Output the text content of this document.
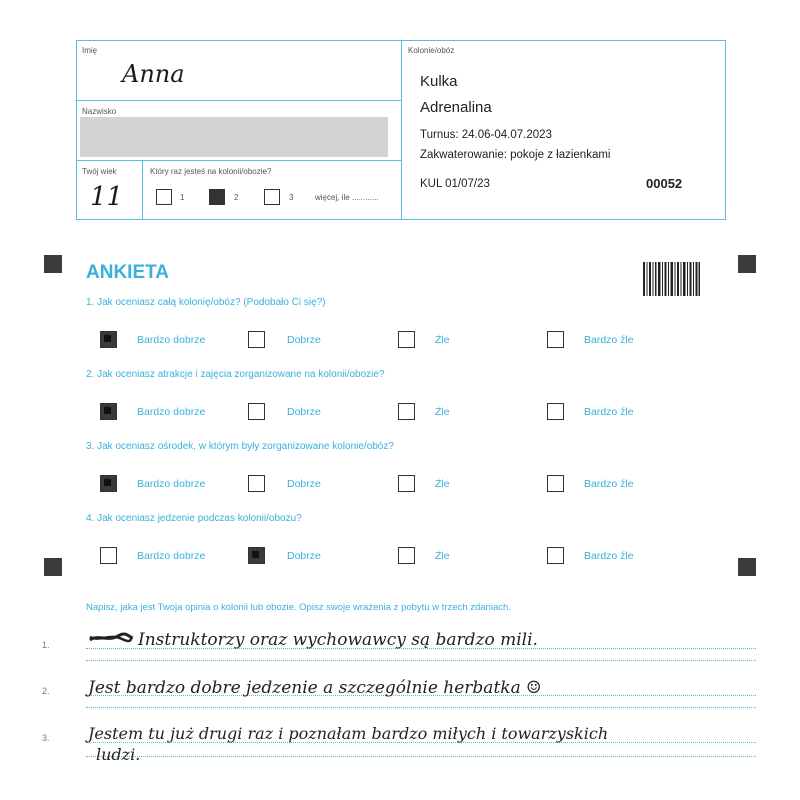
Imię
Anna
Nazwisko
Twój wiek
11
Który raz jesteś na kolonii/obozie?
1	2	3	więcej, ile ............
Kolonie/obóz
Kulka
Adrenalina
Turnus: 24.06-04.07.2023
Zakwaterowanie: pokoje z łazienkami
KUL 01/07/23	00052
ANKIETA
1. Jak oceniasz całą kolonię/obóz? (Podobało Ci się?)
Bardzo dobrze	Dobrze	Źle	Bardzo źle
2. Jak oceniasz atrakcje i zajęcia zorganizowane na kolonii/obozie?
Bardzo dobrze	Dobrze	Źle	Bardzo źle
3. Jak oceniasz ośrodek, w którym były zorganizowane kolonie/obóz?
Bardzo dobrze	Dobrze	Źle	Bardzo źle
4. Jak oceniasz jedzenie podczas kolonii/obozu?
Bardzo dobrze	Dobrze	Źle	Bardzo źle
Napisz, jaka jest Twoja opinia o kolonii lub obozie. Opisz swoje wrażenia z pobytu w trzech zdaniach.
1.
2.
3.
Instruktorzy oraz wychowawcy są bardzo mili.
Jest bardzo dobre jedzenie a szczególnie herbatka ☺
Jestem tu już drugi raz i poznałam bardzo miłych i towarzyskich
ludzi.
